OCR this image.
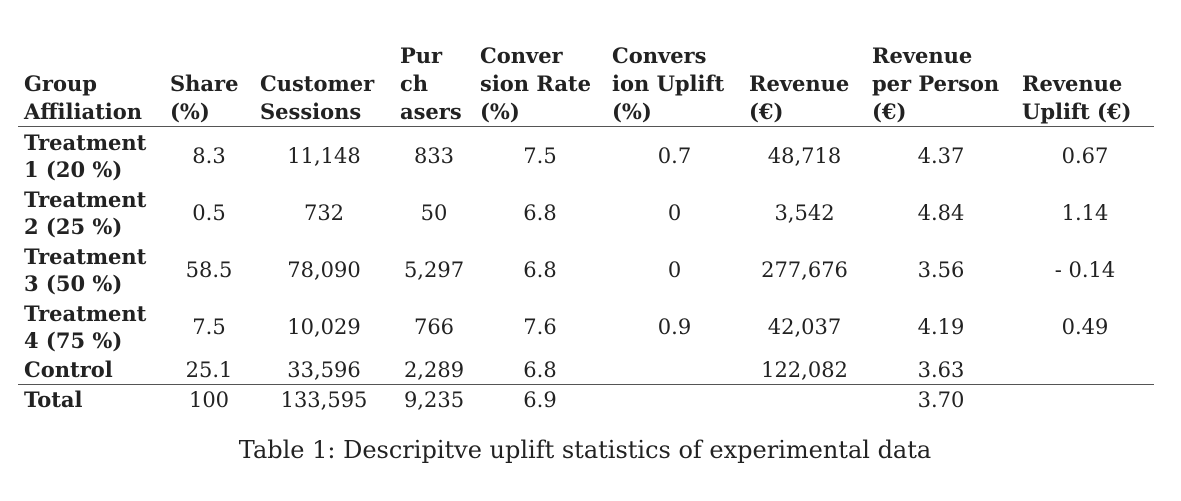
Group Affiliation	Share (%)	Customer Sessions	Pur ch asers	Conver sion Rate (%)	Convers ion Uplift (%)	Revenue (€)	Revenue per Person (€)	Revenue Uplift (€)
Treatment 1 (20 %)	8.3	11,148	833	7.5	0.7	48,718	4.37	0.67
Treatment 2 (25 %)	0.5	732	50	6.8	0	3,542	4.84	1.14
Treatment 3 (50 %)	58.5	78,090	5,297	6.8	0	277,676	3.56	- 0.14
Treatment 4 (75 %)	7.5	10,029	766	7.6	0.9	42,037	4.19	0.49
Control	25.1	33,596	2,289	6.8		122,082	3.63	
Total	100	133,595	9,235	6.9			3.70	
Table 1: Descripitve uplift statistics of experimental data
